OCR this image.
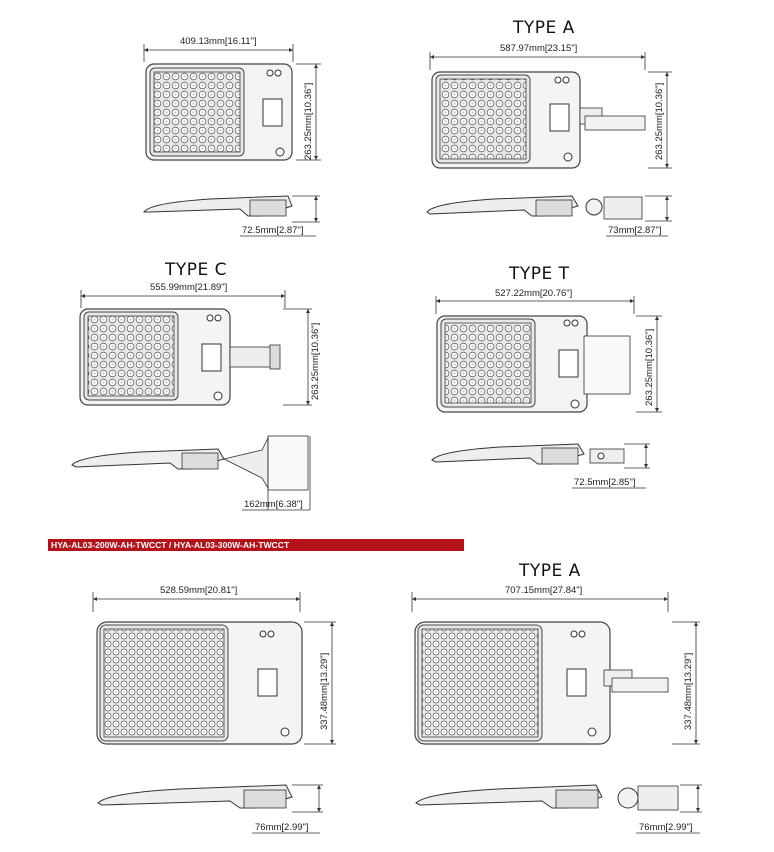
TYPE A
TYPE C	TYPE T
TYPE A
409.13mm[16.11"]
263.25mm[10.36"]
72.5mm[2.87"]
587.97mm[23.15"]
263.25mm[10.36"]
73mm[2.87"]
555.99mm[21.89"]
263.25mm[10.36"]
162mm[6.38"]
527.22mm[20.76"]
263.25mm[10.36"]
72.5mm[2.85"]
528.59mm[20.81"]
337.48mm[13.29"]
76mm[2.99"]
707.15mm[27.84"]
337.48mm[13.29"]
76mm[2.99"]
HYA-AL03-200W-AH-TWCCT / HYA-AL03-300W-AH-TWCCT
